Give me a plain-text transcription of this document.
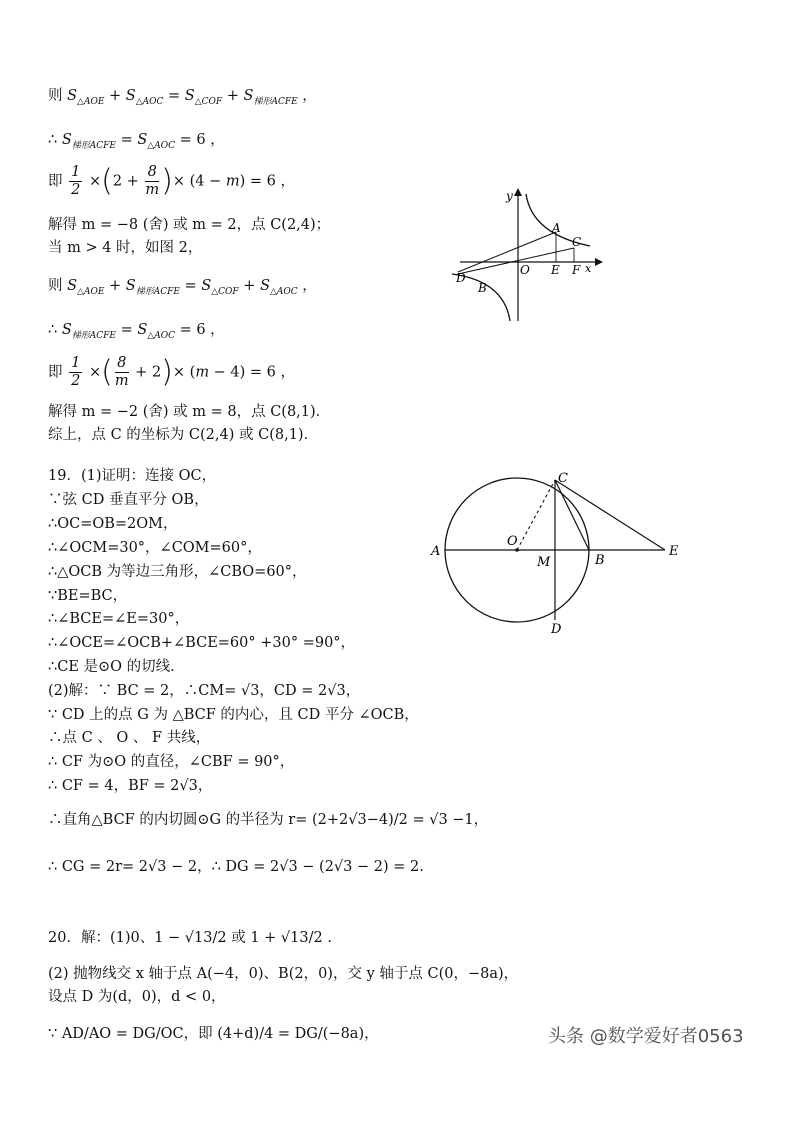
则 $S_{\triangle AOE} + S_{\triangle AOC} = S_{\triangle COF} + S_{梯形ACFE}$ ，
∴ $S_{梯形ACFE} = S_{\triangle AOC} = 6$ ，
即 $\frac{1}{2} \times(2 + \frac{8}{m}$ )× (4 − m) = 6 ，
解得 m = −8 (舍) 或 m = 2，点 C(2,4)；
当 m > 4 时，如图 2，
则 $S_{\triangle AOE} + S_{梯形ACFE} = S_{\triangle COF} + S_{\triangle AOC}$ ，
∴ $S_{梯形ACFE} = S_{\triangle AOC} = 6$ ，
即 $\frac{1}{2}$ ×( $\frac{8}{m} + 2)\times (m - 4) = 6$ ，
解得 m = −2 (舍) 或 m = 8，点 C(8,1)．
综上，点 C 的坐标为 C(2,4) 或 C(8,1)．
y
A
C
O E F x
D
B
19．(1)证明：连接 OC，
∵弦 CD 垂直平分 OB，
∴OC=OB=2OM，
∴∠OCM=30°，∠COM=60°，
∴△OCB 为等边三角形，∠CBO=60°，
∵BE=BC，
∴∠BCE=∠E=30°，
∴∠OCE=∠OCB+∠BCE=60° +30° =90°，
∴CE 是⊙O 的切线.
(2)解：∵ BC = 2，∴CM= √3，CD = 2√3，
∵ CD 上的点 G 为 △BCF 的内心，且 CD 平分 ∠OCB，
∴点 C 、 O 、 F 共线，
∴ CF 为⊙O 的直径，∠CBF = 90°，
∴ CF = 4，BF = 2√3，
∴直角△BCF 的内切圆⊙G 的半径为 r= (2+2√3−4)/2 = √3 −1，
∴ CG = 2r= 2√3 − 2，∴ DG = 2√3 − (2√3 − 2) = 2.
C
O
A
M	B
E
D
20．解：(1)0、1 − √13/2 或 1 + √13/2 .
(2) 抛物线交 x 轴于点 A(−4，0)、B(2，0)，交 y 轴于点 C(0，−8a)，
设点 D 为(d，0)，d < 0，
∵ AD/AO = DG/OC，即 (4+d)/4 = DG/(−8a)，	头条 @数学爱好者0563
